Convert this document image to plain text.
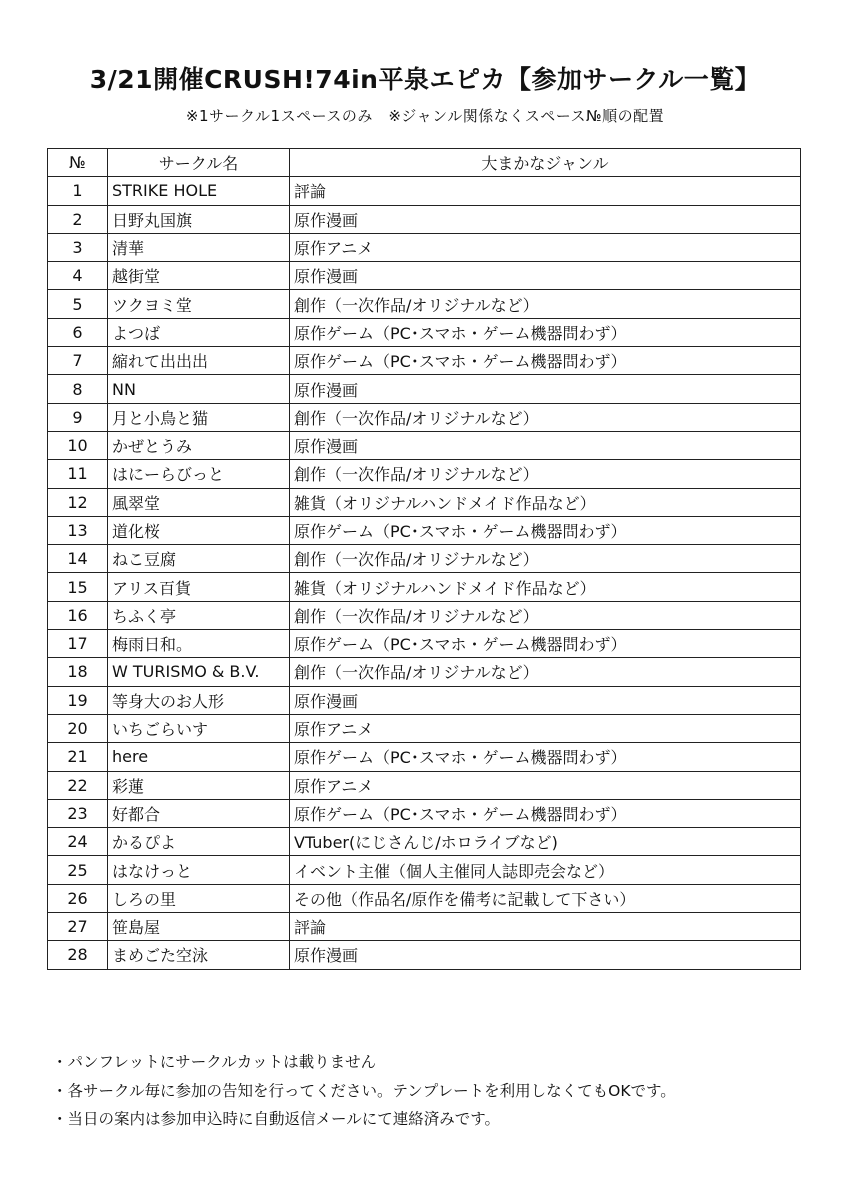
3/21開催CRUSH!74in平泉エピカ【参加サークル一覧】
※1サークル1スペースのみ　※ジャンル関係なくスペース№順の配置
№	サークル名	大まかなジャンル
1	STRIKE HOLE	評論
2	日野丸国旗	原作漫画
3	清華	原作アニメ
4	越街堂	原作漫画
5	ツクヨミ堂	創作（一次作品/オリジナルなど）
6	よつば	原作ゲーム（PC･スマホ・ゲーム機器問わず）
7	縮れて出出出	原作ゲーム（PC･スマホ・ゲーム機器問わず）
8	NN	原作漫画
9	月と小鳥と猫	創作（一次作品/オリジナルなど）
10	かぜとうみ	原作漫画
11	はにーらびっと	創作（一次作品/オリジナルなど）
12	風翠堂	雑貨（オリジナルハンドメイド作品など）
13	道化桜	原作ゲーム（PC･スマホ・ゲーム機器問わず）
14	ねこ豆腐	創作（一次作品/オリジナルなど）
15	アリス百貨	雑貨（オリジナルハンドメイド作品など）
16	ちふく亭	創作（一次作品/オリジナルなど）
17	梅雨日和。	原作ゲーム（PC･スマホ・ゲーム機器問わず）
18	W TURISMO & B.V.	創作（一次作品/オリジナルなど）
19	等身大のお人形	原作漫画
20	いちごらいす	原作アニメ
21	here	原作ゲーム（PC･スマホ・ゲーム機器問わず）
22	彩蓮	原作アニメ
23	好都合	原作ゲーム（PC･スマホ・ゲーム機器問わず）
24	かるぴよ	VTuber(にじさんじ/ホロライブなど)
25	はなけっと	イベント主催（個人主催同人誌即売会など）
26	しろの里	その他（作品名/原作を備考に記載して下さい）
27	笹島屋	評論
28	まめごた空泳	原作漫画
・パンフレットにサークルカットは載りません
・各サークル毎に参加の告知を行ってください。テンプレートを利用しなくてもOKです。
・当日の案内は参加申込時に自動返信メールにて連絡済みです。
